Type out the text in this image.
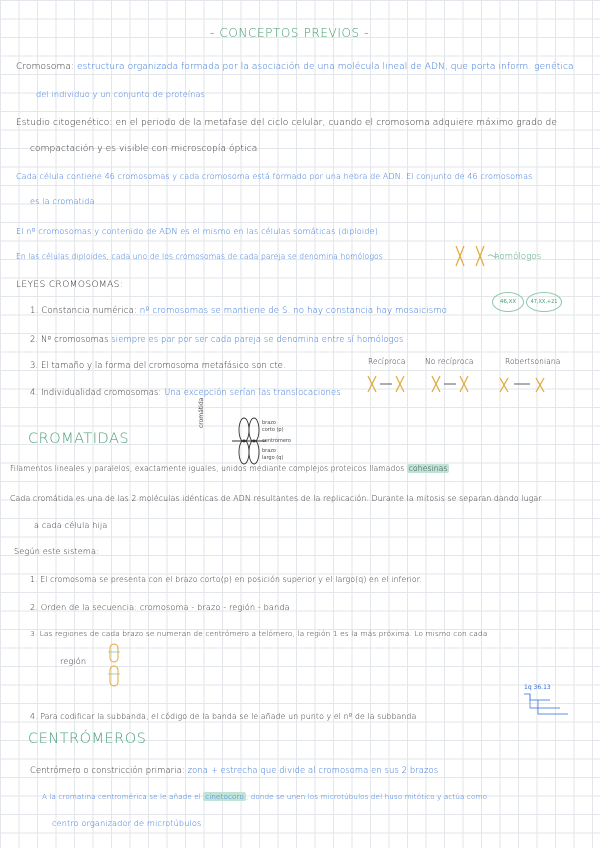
- CONCEPTOS PREVIOS -
Cromosoma: estructura organizada formada por la asociación de una molécula lineal de ADN, que porta inform. genética
del individuo y un conjunto de proteínas
Estudio citogenético: en el periodo de la metafase del ciclo celular, cuando el cromosoma adquiere máximo grado de
compactación y es visible con microscopía óptica
Cada célula contiene 46 cromosomas y cada cromosoma está formado por una hebra de ADN. El conjunto de 46 cromosomas
es la cromatida
El nº cromosomas y contenido de ADN es el mismo en las células somáticas (diploide)
En las células diploides, cada uno de los cromosomas de cada pareja se denomina homólogos	homólogos
LEYES CROMOSOMAS:
1. Constancia numérica: nº cromosomas se mantiene de S. no hay constancia hay mosaicismo
46,XX	47,XX,+21
2. Nº cromosomas siempre es par por ser cada pareja se denomina entre sí homólogos
3. El tamaño y la forma del cromosoma metafásico son cte.
4. Individualidad cromosomas: Una excepción serían las translocaciones
Recíproca	No recíproca	Robertsoniana
CROMATIDAS
cromátida	brazo
corto (p)
centrómero
brazo
largo (q)
Filamentos lineales y paralelos, exactamente iguales, unidos mediante complejos proteicos llamados cohesinas
Cada cromátida es una de las 2 moléculas idénticas de ADN resultantes de la replicación. Durante la mitosis se separan dando lugar
a cada célula hija
Según este sistema:
1. El cromosoma se presenta con el brazo corto(p) en posición superior y el largo(q) en el inferior.
2. Orden de la secuencia: cromosoma - brazo - región - banda
3. Las regiones de cada brazo se numeran de centrómero a telómero, la región 1 es la más próxima. Lo mismo con cada
región
4. Para codificar la subbanda, el código de la banda se le añade un punto y el nº de la subbanda
1q 36.13
CENTRÓMEROS
Centrómero o constricción primaria: zona + estrecha que divide al cromosoma en sus 2 brazos
A la cromatina centromérica se le añade el cinetocoro , donde se unen los microtúbulos del huso mitótico y actúa como
centro organizador de microtúbulos
